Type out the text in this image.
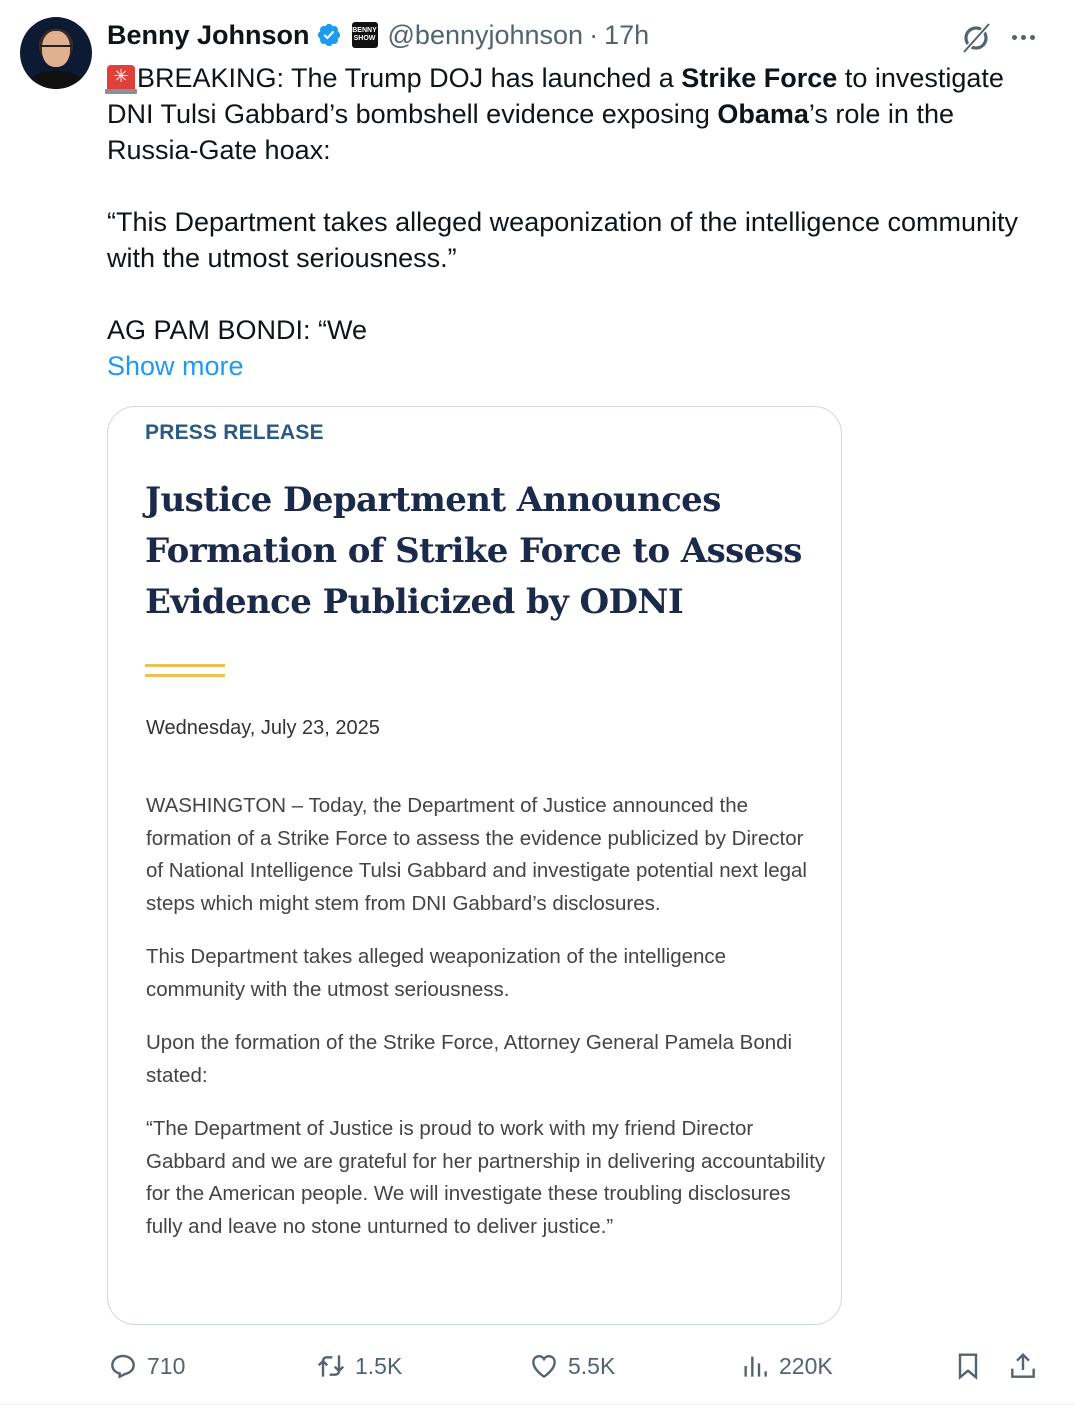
Benny Johnson	BENNY SHOW @bennyjohnson · 17h

✳BREAKING: The Trump DOJ has launched a Strike Force to investigate DNI Tulsi Gabbard’s bombshell evidence exposing Obama’s role in the Russia-Gate hoax:

“This Department takes alleged weaponization of the intelligence community with the utmost seriousness.”

AG PAM BONDI: “We

Show more
PRESS RELEASE
Justice Department Announces Formation of Strike Force to Assess Evidence Publicized by ODNI
Wednesday, July 23, 2025

WASHINGTON – Today, the Department of Justice announced the formation of a Strike Force to assess the evidence publicized by Director of National Intelligence Tulsi Gabbard and investigate potential next legal steps which might stem from DNI Gabbard’s disclosures.

This Department takes alleged weaponization of the intelligence community with the utmost seriousness.

Upon the formation of the Strike Force, Attorney General Pamela Bondi stated:

“The Department of Justice is proud to work with my friend Director Gabbard and we are grateful for her partnership in delivering accountability for the American people. We will investigate these troubling disclosures fully and leave no stone unturned to deliver justice.”

710	1.5K	5.5K	220K
